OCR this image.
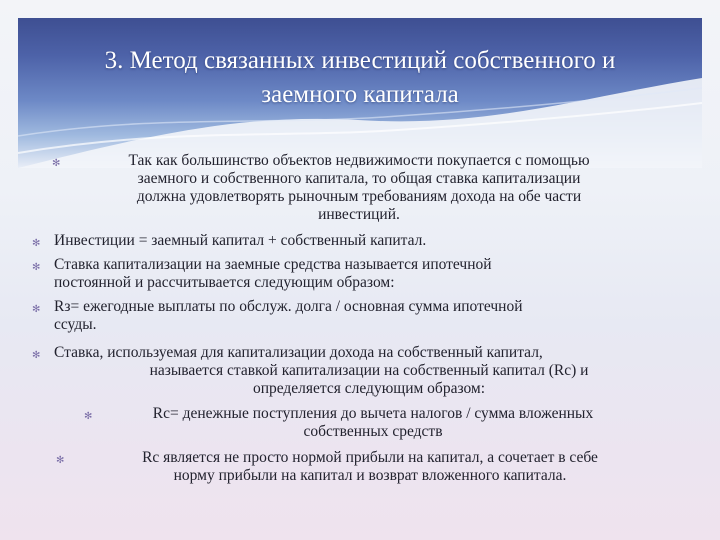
3. Метод связанных инвестиций собственного и
заемного капитала
✻	Так как большинство объектов недвижимости покупается с помощью
заемного и собственного капитала, то общая ставка капитализации
должна удовлетворять рыночным требованиям дохода на обе части
инвестиций.
✻ Инвестиции = заемный капитал + собственный капитал.
✻ Ставка капитализации на заемные средства называется ипотечной
постоянной и рассчитывается следующим образом:
✻ Rз= ежегодные выплаты по обслуж. долга / основная сумма ипотечной
ссуды.
✻ Ставка, используемая для капитализации дохода на собственный капитал,
называется ставкой капитализации на собственный капитал (Rc) и
определяется следующим образом:
✻	Rc= денежные поступления до вычета налогов / сумма вложенных
собственных средств
✻	Rc является не просто нормой прибыли на капитал, а сочетает в себе
норму прибыли на капитал и возврат вложенного капитала.
